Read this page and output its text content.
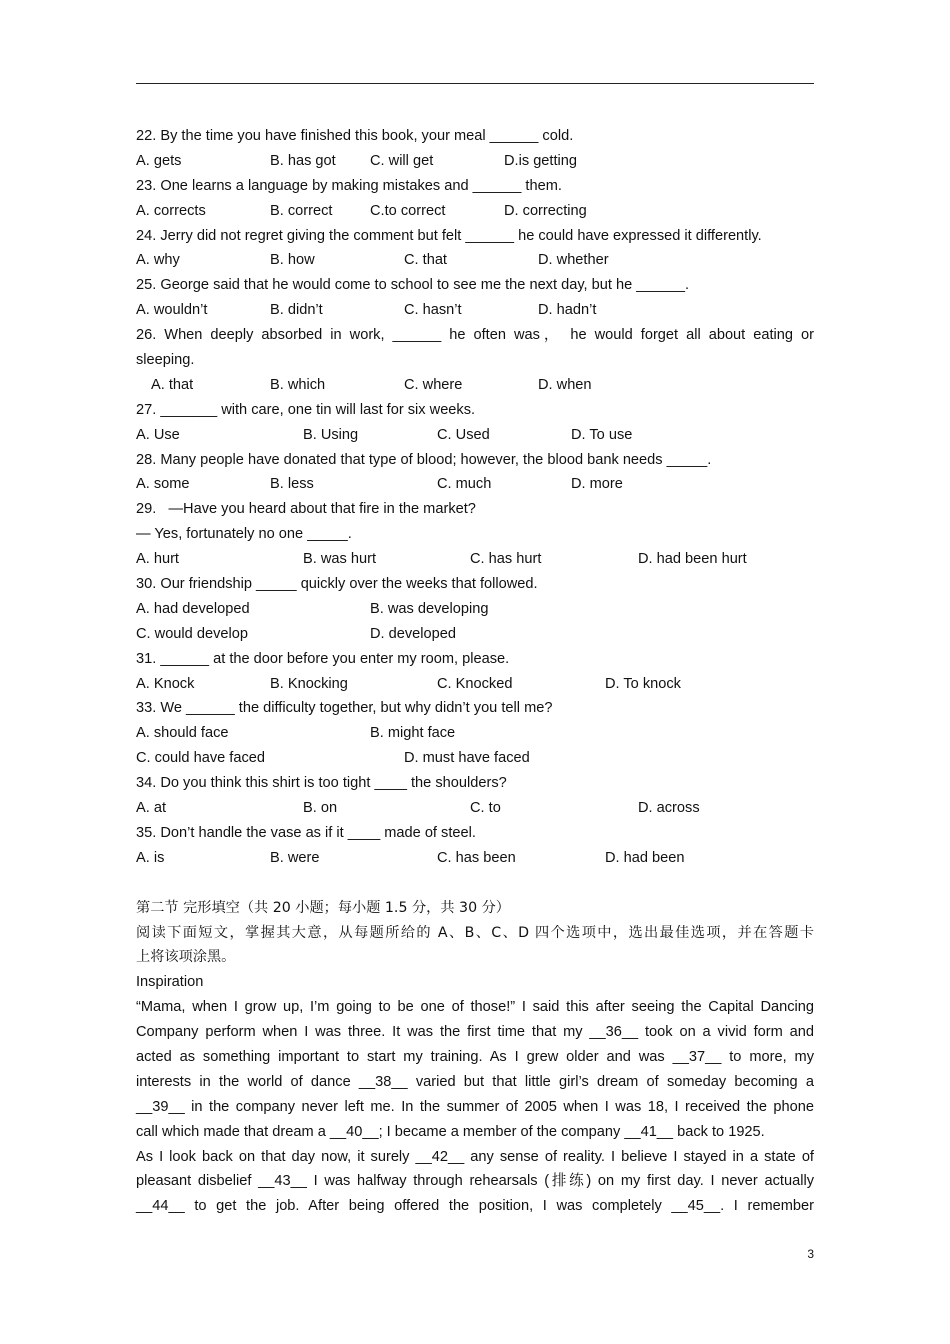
22. By the time you have finished this book, your meal ______ cold.
A. gets	B. has got	C. will get	D.is getting
23. One learns a language by making mistakes and ______ them.
A. corrects	B. correct	C.to correct	D. correcting
24. Jerry did not regret giving the comment but felt ______ he could have expressed it differently.
A. why	B. how	C. that	D. whether
25. George said that he would come to school to see me the next day, but he ______.
A. wouldn’t	B. didn’t	C. hasn’t	D. hadn’t
26. When deeply absorbed in work, ______ he often was， he would forget all about eating or
sleeping.
A. that	B. which	C. where	D. when
27. _______ with care, one tin will last for six weeks.
A. Use	B. Using	C. Used	D. To use
28. Many people have donated that type of blood; however, the blood bank needs _____.
A. some	B. less	C. much	D. more
29.   —Have you heard about that fire in the market?
— Yes, fortunately no one _____.
A. hurt	B. was hurt	C. has hurt	D. had been hurt
30. Our friendship _____ quickly over the weeks that followed.
A. had developed	B. was developing
C. would develop	D. developed
31. ______ at the door before you enter my room, please.
A. Knock	B. Knocking	C. Knocked	D. To knock
33. We ______ the difficulty together, but why didn’t you tell me?
A. should face	B. might face
C. could have faced	D. must have faced
34. Do you think this shirt is too tight ____ the shoulders?
A. at	B. on	C. to	D. across
35. Don’t handle the vase as if it ____ made of steel.
A. is	B. were	C. has been	D. had been
第二节 完形填空（共 20 小题；每小题 1.5 分，共 30 分）
阅读下面短文，掌握其大意，从每题所给的 A、B、C、D 四个选项中，选出最佳选项，并在答题卡
上将该项涂黑。
Inspiration
“Mama, when I grow up, I’m going to be one of those!” I said this after seeing the Capital Dancing
Company perform when I was three. It was the first time that my __36__ took on a vivid form and
acted as something important to start my training. As I grew older and was __37__ to more, my
interests in the world of dance __38__ varied but that little girl’s dream of someday becoming a
__39__ in the company never left me. In the summer of 2005 when I was 18, I received the phone
call which made that dream a __40__; I became a member of the company __41__ back to 1925.
As I look back on that day now, it surely __42__ any sense of reality. I believe I stayed in a state of
pleasant disbelief __43__ I was halfway through rehearsals (排练) on my first day. I never actually
__44__ to get the job. After being offered the position, I was completely __45__. I remember
3
